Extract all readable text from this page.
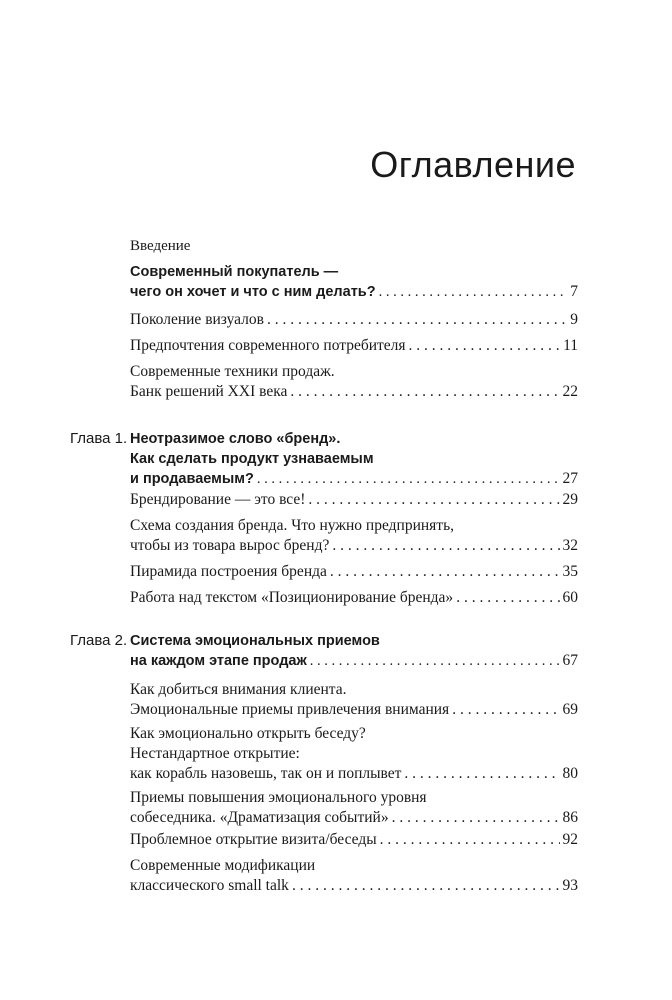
Оглавление
Введение
Современный покупатель —
чего он хочет и что с ним делать? . . .	7
Поколение визуалов . . .	9
Предпочтения современного потребителя . . .	11
Современные техники продаж.
Банк решений XXI века . . .	22
Глава 1. Неотразимое слово «бренд».
Как сделать продукт узнаваемым
и продаваемым? . . .	27
Брендирование — это все! . . .	29
Схема создания бренда. Что нужно предпринять,
чтобы из товара вырос бренд? . . .	32
Пирамида построения бренда . . .	35
Работа над текстом «Позиционирование бренда» . . .	60
Глава 2. Система эмоциональных приемов
на каждом этапе продаж . . .	67
Как добиться внимания клиента.
Эмоциональные приемы привлечения внимания . . .	69
Как эмоционально открыть беседу?
Нестандартное открытие:
как корабль назовешь, так он и поплывет . . .	80
Приемы повышения эмоционального уровня
собеседника. «Драматизация событий» . . .	86
Проблемное открытие визита/беседы . . .	92
Современные модификации
классического small talk . . .	93
